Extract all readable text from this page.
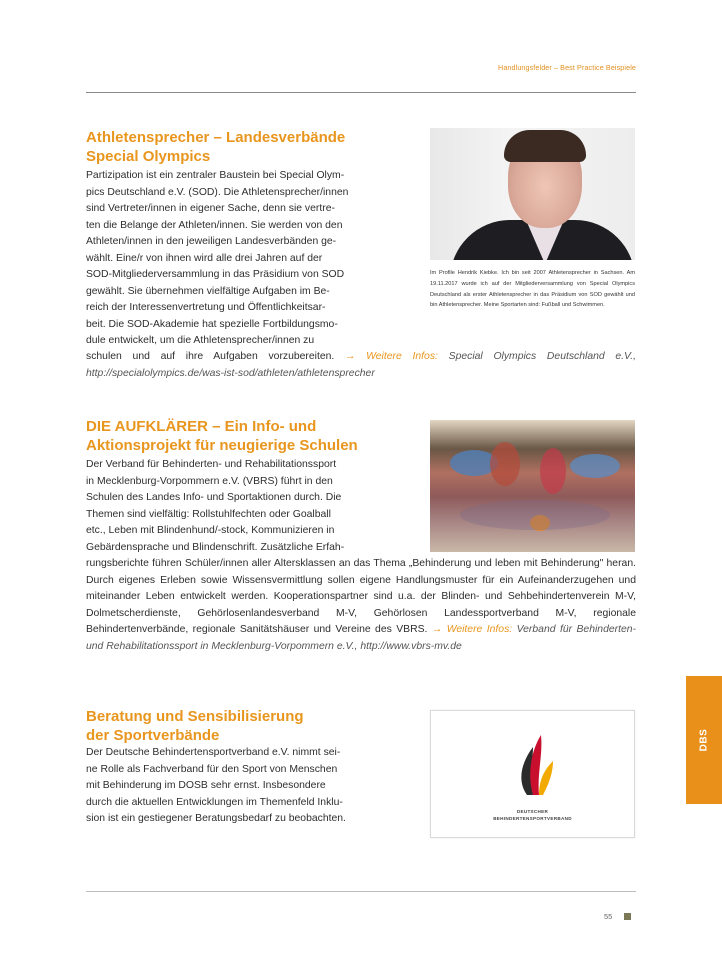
Handlungsfelder – Best Practice Beispiele
Athletensprecher – Landesverbände
Special Olympics
Partizipation ist ein zentraler Baustein bei Special Olym-
pics Deutschland e.V. (SOD). Die Athletensprecher/innen
sind Vertreter/innen in eigener Sache, denn sie vertre-
ten die Belange der Athleten/innen. Sie werden von den
Athleten/innen in den jeweiligen Landesverbänden ge-
wählt. Eine/r von ihnen wird alle drei Jahren auf der
SOD-Mitgliederversammlung in das Präsidium von SOD
gewählt. Sie übernehmen vielfältige Aufgaben im Be-
reich der Interessenvertretung und Öffentlichkeitsar-
beit. Die SOD-Akademie hat spezielle Fortbildungsmo-
dule entwickelt, um die Athletensprecher/innen zu
schulen und auf ihre Aufgaben vorzubereiten. → Weitere Infos: Special Olympics Deutschland e.V., http://specialolympics.de/was-ist-sod/athleten/athletensprecher
Im Profile Hendrik Kiebke. Ich bin seit 2007 Athletensprecher in Sachsen. Am 19.11.2017 wurde ich auf der Mitgliederversammlung von Special Olympics Deutschland als erster Athletensprecher in das Präsidium von SOD gewählt und bin Athletensprecher. Meine Sportarten sind: Fußball und Schwimmen.
DIE AUFKLÄRER – Ein Info- und
Aktionsprojekt für neugierige Schulen
Der Verband für Behinderten- und Rehabilitationssport
in Mecklenburg-Vorpommern e.V. (VBRS) führt in den
Schulen des Landes Info- und Sportaktionen durch. Die
Themen sind vielfältig: Rollstuhlfechten oder Goalball
etc., Leben mit Blindenhund/-stock, Kommunizieren in
Gebärdensprache und Blindenschrift. Zusätzliche Erfah-
rungsberichte führen Schüler/innen aller Altersklassen an das Thema „Behinderung und leben mit Behinderung" heran. Durch eigenes Erleben sowie Wissensvermittlung sollen eigene Handlungsmuster für ein Aufeinanderzugehen und miteinander Leben entwickelt werden. Kooperationspartner sind u.a. der Blinden- und Sehbehindertenverein M-V, Dolmetscherdienste, Gehörlosenlandesverband M-V, Gehörlosen Landessportverband M-V, regionale Behindertenverbände, regionale Sanitätshäuser und Vereine des VBRS. → Weitere Infos: Verband für Behinderten- und Rehabilitationssport in Mecklenburg-Vorpommern e.V., http://www.vbrs-mv.de
Beratung und Sensibilisierung
der Sportverbände
Der Deutsche Behindertensportverband e.V. nimmt sei-
ne Rolle als Fachverband für den Sport von Menschen
mit Behinderung im DOSB sehr ernst. Insbesondere
durch die aktuellen Entwicklungen im Themenfeld Inklu-
sion ist ein gestiegener Beratungsbedarf zu beobachten.
DEUTSCHER
BEHINDERTENSPORTVERBAND
DBS
55
